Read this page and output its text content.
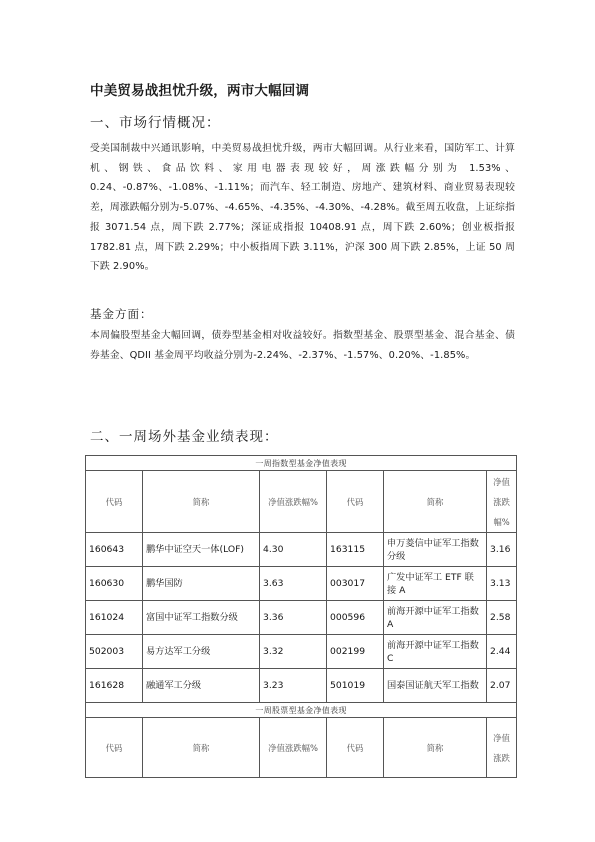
中美贸易战担忧升级，两市大幅回调
一、市场行情概况：

受美国制裁中兴通讯影响，中美贸易战担忧升级，两市大幅回调。从行业来看，国防军工、计算机、钢铁、食品饮料、家用电器表现较好，周涨跌幅分别为 1.53%、0.24、-0.87%、-1.08%、-1.11%；而汽车、轻工制造、房地产、建筑材料、商业贸易表现较差，周涨跌幅分别为-5.07%、-4.65%、-4.35%、-4.30%、-4.28%。截至周五收盘，上证综指报 3071.54 点，周下跌 2.77%；深证成指报 10408.91 点，周下跌 2.60%；创业板指报 1782.81 点，周下跌 2.29%；中小板指周下跌 3.11%，沪深 300 周下跌 2.85%，上证 50 周下跌 2.90%。

基金方面：

本周偏股型基金大幅回调，债券型基金相对收益较好。指数型基金、股票型基金、混合基金、债券基金、QDII 基金周平均收益分别为-2.24%、-2.37%、-1.57%、0.20%、-1.85%。

二、一周场外基金业绩表现：
一周指数型基金净值表现					
代码	简称	净值涨跌幅%	代码	简称	净值涨跌幅%
160643	鹏华中证空天一体(LOF)	4.30	163115	申万菱信中证军工指数分级	3.16
160630	鹏华国防	3.63	003017	广发中证军工 ETF 联接 A	3.13
161024	富国中证军工指数分级	3.36	000596	前海开源中证军工指数 A	2.58
502003	易方达军工分级	3.32	002199	前海开源中证军工指数 C	2.44
161628	融通军工分级	3.23	501019	国泰国证航天军工指数	2.07
一周股票型基金净值表现					
代码	简称	净值涨跌幅%	代码	简称	净值涨跌
